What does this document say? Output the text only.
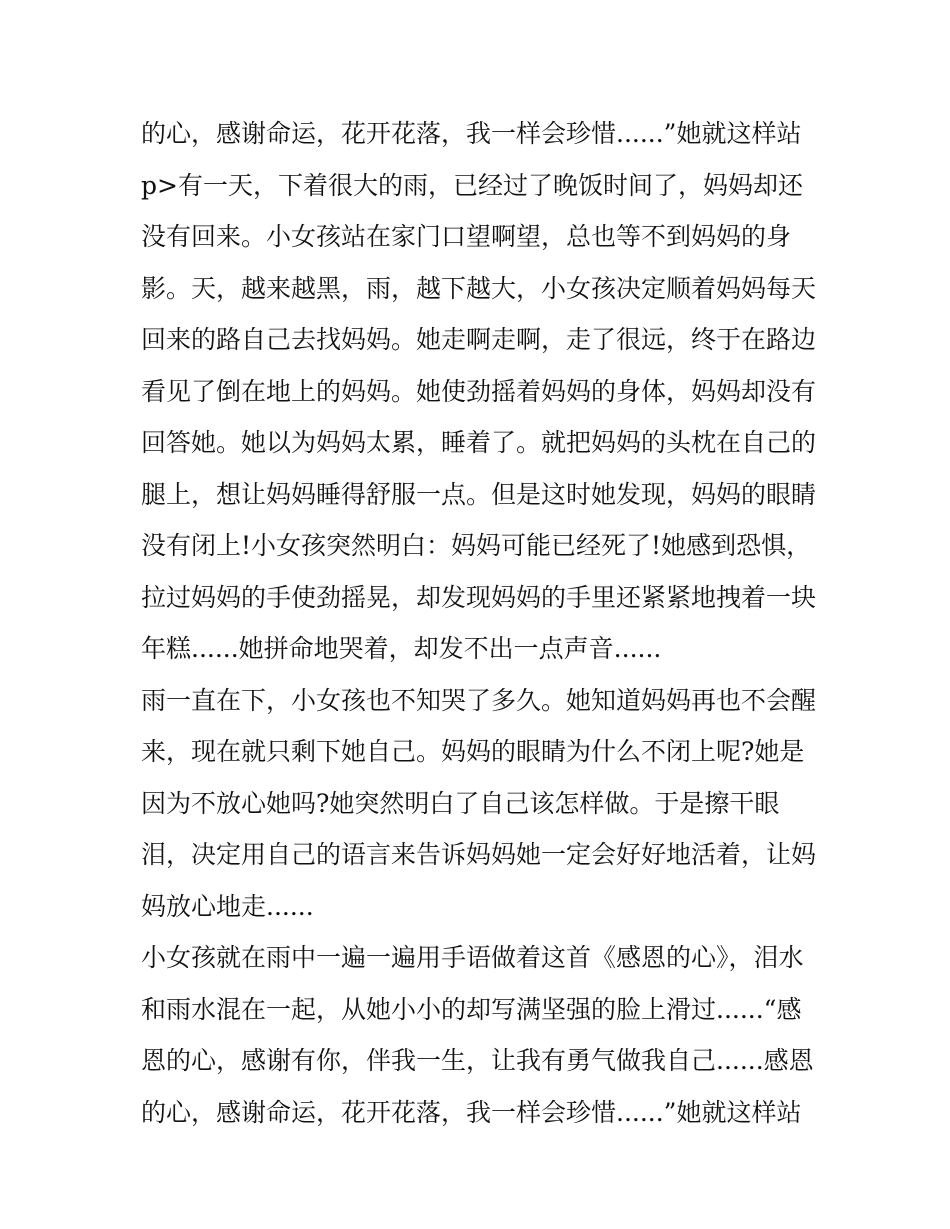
的心，感谢命运，花开花落，我一样会珍惜......”她就这样站
p>有一天，下着很大的雨，已经过了晚饭时间了，妈妈却还
没有回来。小女孩站在家门口望啊望，总也等不到妈妈的身
影。天，越来越黑，雨，越下越大，小女孩决定顺着妈妈每天
回来的路自己去找妈妈。她走啊走啊，走了很远，终于在路边
看见了倒在地上的妈妈。她使劲摇着妈妈的身体，妈妈却没有
回答她。她以为妈妈太累，睡着了。就把妈妈的头枕在自己的
腿上，想让妈妈睡得舒服一点。但是这时她发现，妈妈的眼睛
没有闭上!小女孩突然明白：妈妈可能已经死了!她感到恐惧，
拉过妈妈的手使劲摇晃，却发现妈妈的手里还紧紧地拽着一块
年糕......她拼命地哭着，却发不出一点声音......
雨一直在下，小女孩也不知哭了多久。她知道妈妈再也不会醒
来，现在就只剩下她自己。妈妈的眼睛为什么不闭上呢?她是
因为不放心她吗?她突然明白了自己该怎样做。于是擦干眼
泪，决定用自己的语言来告诉妈妈她一定会好好地活着，让妈
妈放心地走......
小女孩就在雨中一遍一遍用手语做着这首《感恩的心》，泪水
和雨水混在一起，从她小小的却写满坚强的脸上滑过......“感
恩的心，感谢有你，伴我一生，让我有勇气做我自己......感恩
的心，感谢命运，花开花落，我一样会珍惜......”她就这样站
